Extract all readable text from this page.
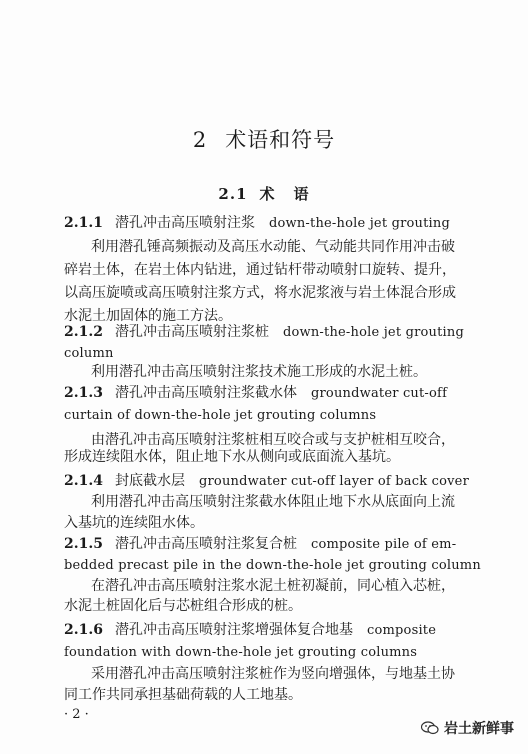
2 术语和符号
2.1 术 语
2.1.1 潜孔冲击高压喷射注浆 down-the-hole jet grouting
利用潜孔锤高频振动及高压水动能、气动能共同作用冲击破
碎岩土体，在岩土体内钻进，通过钻杆带动喷射口旋转、提升，
以高压旋喷或高压喷射注浆方式，将水泥浆液与岩土体混合形成
水泥土加固体的施工方法。
2.1.2 潜孔冲击高压喷射注浆桩 down-the-hole jet grouting
column
利用潜孔冲击高压喷射注浆技术施工形成的水泥土桩。
2.1.3 潜孔冲击高压喷射注浆截水体 groundwater cut-off
curtain of down-the-hole jet grouting columns
由潜孔冲击高压喷射注浆桩相互咬合或与支护桩相互咬合，
形成连续阻水体，阻止地下水从侧向或底面流入基坑。
2.1.4 封底截水层 groundwater cut-off layer of back cover
利用潜孔冲击高压喷射注浆截水体阻止地下水从底面向上流
入基坑的连续阻水体。
2.1.5 潜孔冲击高压喷射注浆复合桩 composite pile of em-
bedded precast pile in the down-the-hole jet grouting column
在潜孔冲击高压喷射注浆水泥土桩初凝前，同心植入芯桩，
水泥土桩固化后与芯桩组合形成的桩。
2.1.6 潜孔冲击高压喷射注浆增强体复合地基 composite
foundation with down-the-hole jet grouting columns
采用潜孔冲击高压喷射注浆桩作为竖向增强体，与地基土协
同工作共同承担基础荷载的人工地基。
· 2 ·
岩土新鲜事
